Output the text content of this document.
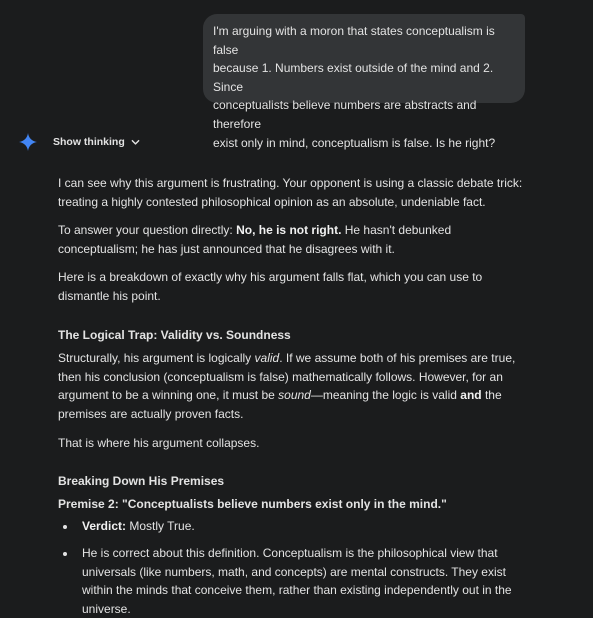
I'm arguing with a moron that states conceptualism is false

because 1. Numbers exist outside of the mind and 2. Since

conceptualists believe numbers are abstracts and therefore

exist only in mind, conceptualism is false. Is he right?

Show thinking

I can see why this argument is frustrating. Your opponent is using a classic debate trick: treating a highly contested philosophical opinion as an absolute, undeniable fact.

To answer your question directly: No, he is not right. He hasn't debunked conceptualism; he has just announced that he disagrees with it.

Here is a breakdown of exactly why his argument falls flat, which you can use to dismantle his point.

The Logical Trap: Validity vs. Soundness

Structurally, his argument is logically valid. If we assume both of his premises are true, then his conclusion (conceptualism is false) mathematically follows. However, for an argument to be a winning one, it must be sound—meaning the logic is valid and the premises are actually proven facts.

That is where his argument collapses.

Breaking Down His Premises

Premise 2: "Conceptualists believe numbers exist only in the mind."

Verdict: Mostly True.
He is correct about this definition. Conceptualism is the philosophical view that universals (like numbers, math, and concepts) are mental constructs. They exist within the minds that conceive them, rather than existing independently out in the universe.
